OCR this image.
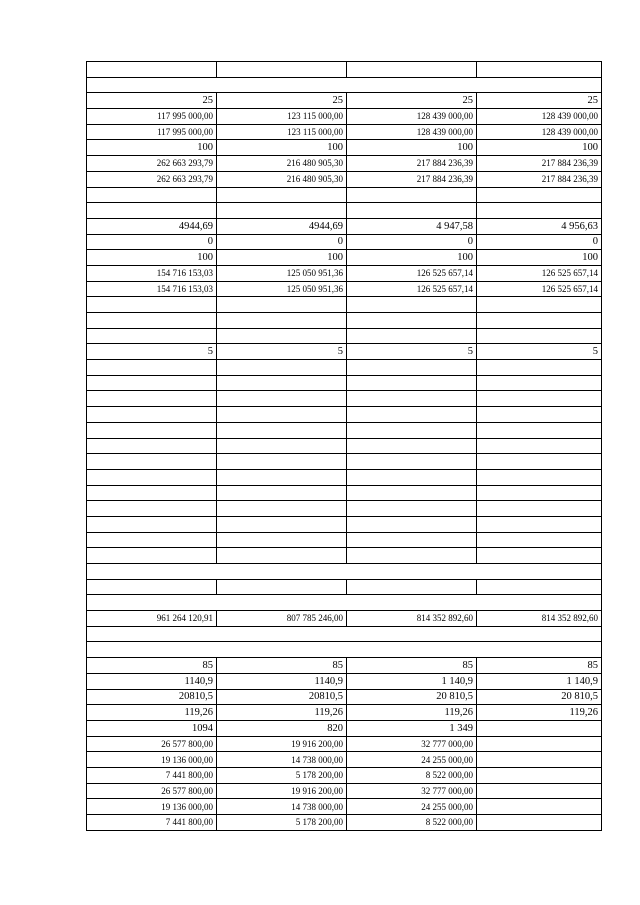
25	25	25	25
117 995 000,00	123 115 000,00	128 439 000,00	128 439 000,00
117 995 000,00	123 115 000,00	128 439 000,00	128 439 000,00
100	100	100	100
262 663 293,79	216 480 905,30	217 884 236,39	217 884 236,39
262 663 293,79	216 480 905,30	217 884 236,39	217 884 236,39

4944,69	4944,69	4 947,58	4 956,63
0	0	0	0
100	100	100	100
154 716 153,03	125 050 951,36	126 525 657,14	126 525 657,14
154 716 153,03	125 050 951,36	126 525 657,14	126 525 657,14

5	5	5	5

961 264 120,91	807 785 246,00	814 352 892,60	814 352 892,60

85	85	85	85
1140,9	1140,9	1 140,9	1 140,9
20810,5	20810,5	20 810,5	20 810,5
119,26	119,26	119,26	119,26
1094	820	1 349	
26 577 800,00	19 916 200,00	32 777 000,00	
19 136 000,00	14 738 000,00	24 255 000,00	
7 441 800,00	5 178 200,00	8 522 000,00	
26 577 800,00	19 916 200,00	32 777 000,00	
19 136 000,00	14 738 000,00	24 255 000,00	
7 441 800,00	5 178 200,00	8 522 000,00	
